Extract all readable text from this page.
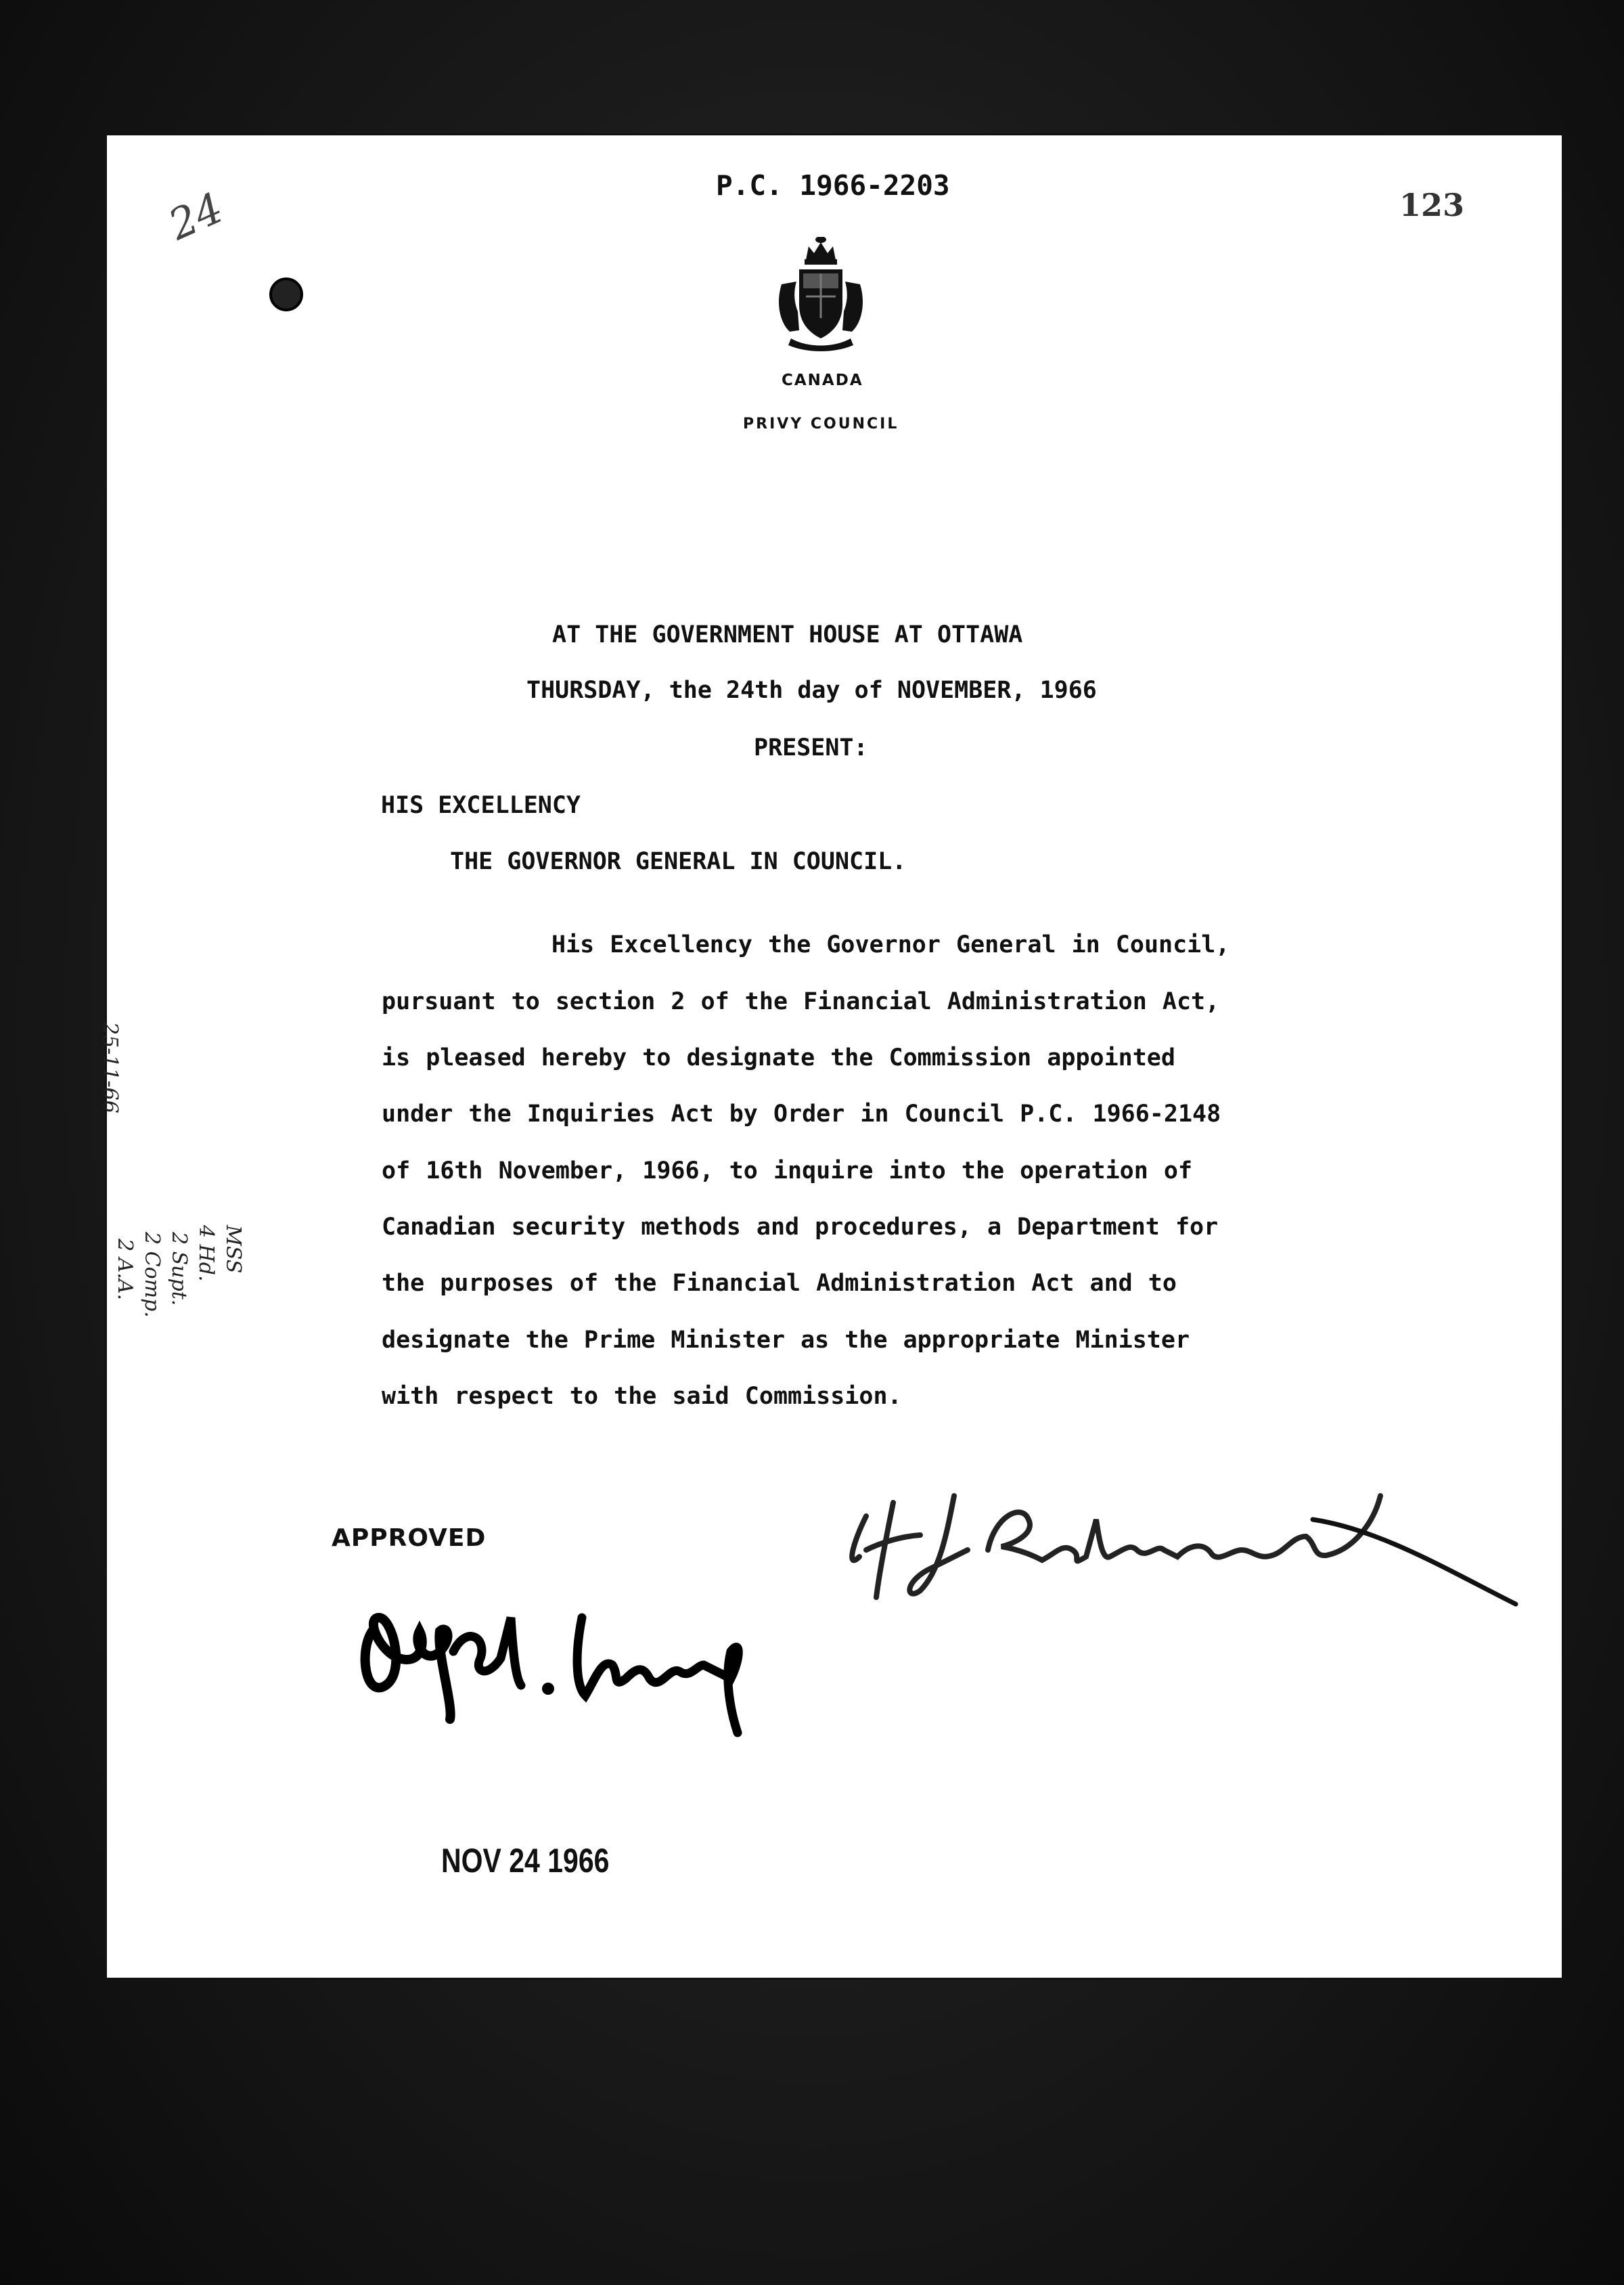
P.C. 1966-2203
123
24
CANADA
PRIVY COUNCIL
AT THE GOVERNMENT HOUSE AT OTTAWA
THURSDAY, the 24th day of NOVEMBER, 1966
PRESENT:
HIS EXCELLENCY
THE GOVERNOR GENERAL IN COUNCIL.
His Excellency the Governor General in Council,
pursuant to section 2 of the Financial Administration Act,
is pleased hereby to designate the Commission appointed
under the Inquiries Act by Order in Council P.C. 1966-2148
of 16th November, 1966, to inquire into the operation of
Canadian security methods and procedures, a Department for
the purposes of the Financial Administration Act and to
designate the Prime Minister as the appropriate Minister
with respect to the said Commission.
APPROVED
NOV 24 1966
25-11-66
2 A.A. 2 Comp. 2 Supt. 4 Hd. MSS
